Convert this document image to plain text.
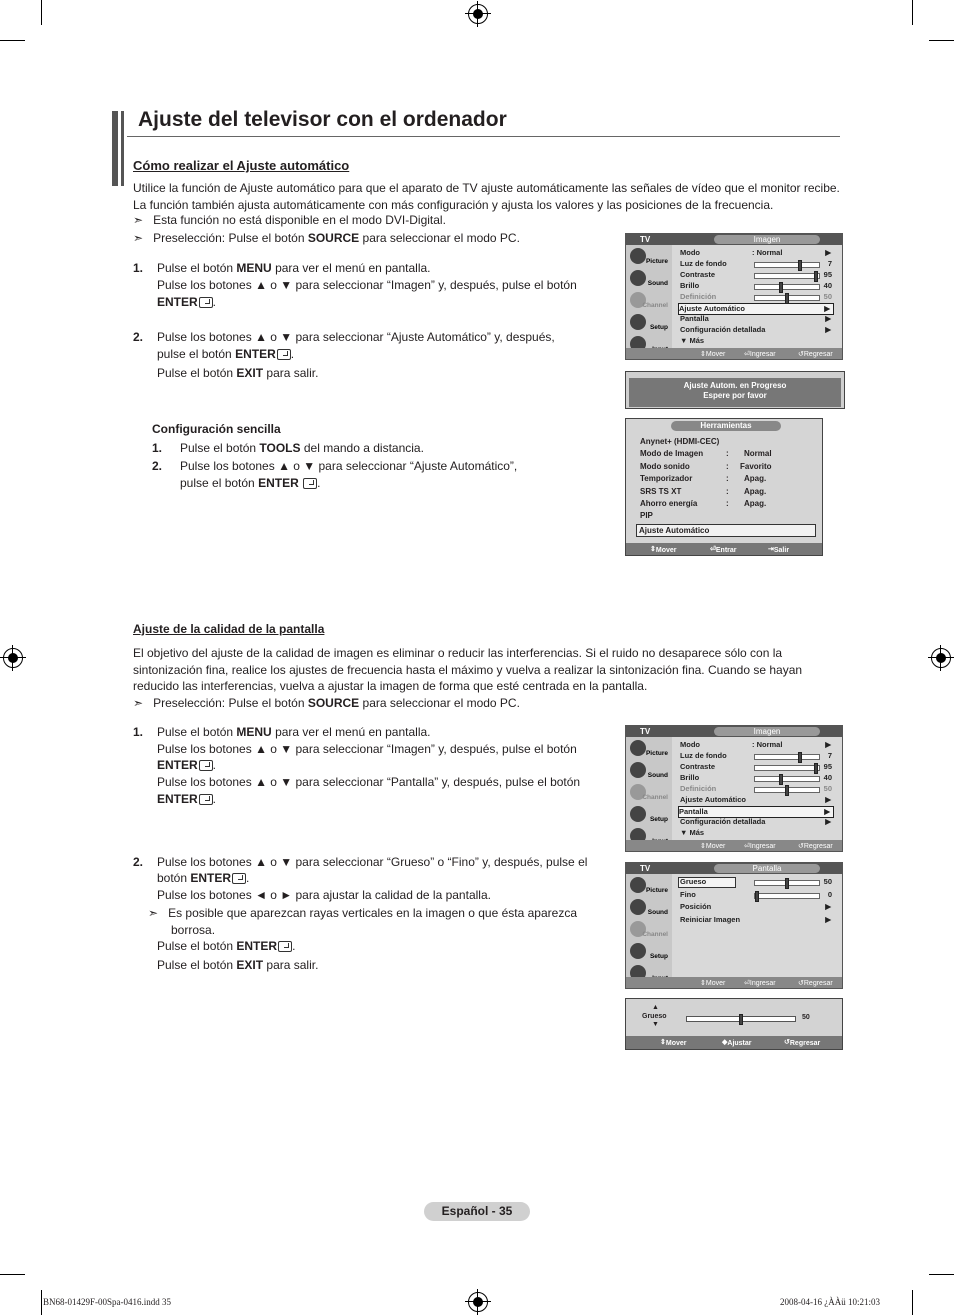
Ajuste del televisor con el ordenador
Cómo realizar el Ajuste automático
Utilice la función de Ajuste automático para que el aparato de TV ajuste automáticamente las señales de vídeo que el monitor recibe. La función también ajusta automáticamente con más configuración y ajusta los valores y las posiciones de la frecuencia.
➣ Esta función no está disponible en el modo DVI-Digital.
➣ Preselección: Pulse el botón SOURCE para seleccionar el modo PC.
1. Pulse el botón MENU para ver el menú en pantalla.
Pulse los botones ▲ o ▼ para seleccionar “Imagen” y, después, pulse el botón
ENTER .
2. Pulse los botones ▲ o ▼ para seleccionar “Ajuste Automático” y, después,
pulse el botón ENTER .
Pulse el botón EXIT para salir.
Configuración sencilla
1. Pulse el botón TOOLS del mando a distancia.
2. Pulse los botones ▲ o ▼ para seleccionar “Ajuste Automático”,
pulse el botón ENTER .
TV	Imagen
Picture
Sound
Channel
Setup
Modo	: Normal	▶
Luz de fondo	7
Contraste	95
Brillo	40
Definición	50
Ajuste Automático	▶
Pantalla	▶
Configuración detallada	▶
▼ Más
⇕ Mover	⏎ Ingresar	↺ Regresar
Ajuste Autom. en Progreso
Espere por favor
Herramientas
Anynet+ (HDMI-CEC)
Modo de Imagen	: Normal
Modo sonido	: Favorito
Temporizador	: Apag.
SRS TS XT	: Apag.
Ahorro energía	: Apag.
PIP
Ajuste Automático
⇕ Mover	⏎ Entrar	⇥ Salir
Ajuste de la calidad de la pantalla
El objetivo del ajuste de la calidad de imagen es eliminar o reducir las interferencias. Si el ruido no desaparece sólo con la sintonización fina, realice los ajustes de frecuencia hasta el máximo y vuelva a realizar la sintonización fina. Cuando se hayan reducido las interferencias, vuelva a ajustar la imagen de forma que esté centrada en la pantalla.
➣ Preselección: Pulse el botón SOURCE para seleccionar el modo PC.
1. Pulse el botón MENU para ver el menú en pantalla.
Pulse los botones ▲ o ▼ para seleccionar “Imagen” y, después, pulse el botón
ENTER .
Pulse los botones ▲ o ▼ para seleccionar “Pantalla” y, después, pulse el botón
ENTER .
2. Pulse los botones ▲ o ▼ para seleccionar “Grueso” o “Fino” y, después, pulse el
botón ENTER .
Pulse los botones ◄ o ► para ajustar la calidad de la pantalla.
➣ Es posible que aparezcan rayas verticales en la imagen o que ésta aparezca
borrosa.
Pulse el botón ENTER .
Pulse el botón EXIT para salir.
TV	Imagen
Picture
Sound
Channel
Setup
Modo	: Normal	▶
Luz de fondo	7
Contraste	95
Brillo	40
Definición	50
Ajuste Automático	▶
Pantalla	▶
Configuración detallada	▶
▼ Más
⇕ Mover	⏎ Ingresar	↺ Regresar
TV	Pantalla
Picture
Sound
Channel
Setup
Grueso	50
Fino	0
Posición	▶
Reiniciar Imagen	▶
⇕ Mover	⏎ Ingresar	↺ Regresar
▲
Grueso
▼
50
⇕ Mover	◆ Ajustar	↺ Regresar
Español - 35
BN68-01429F-00Spa-0416.indd 35	2008-04-16 ¿ÀÀü 10:21:03
